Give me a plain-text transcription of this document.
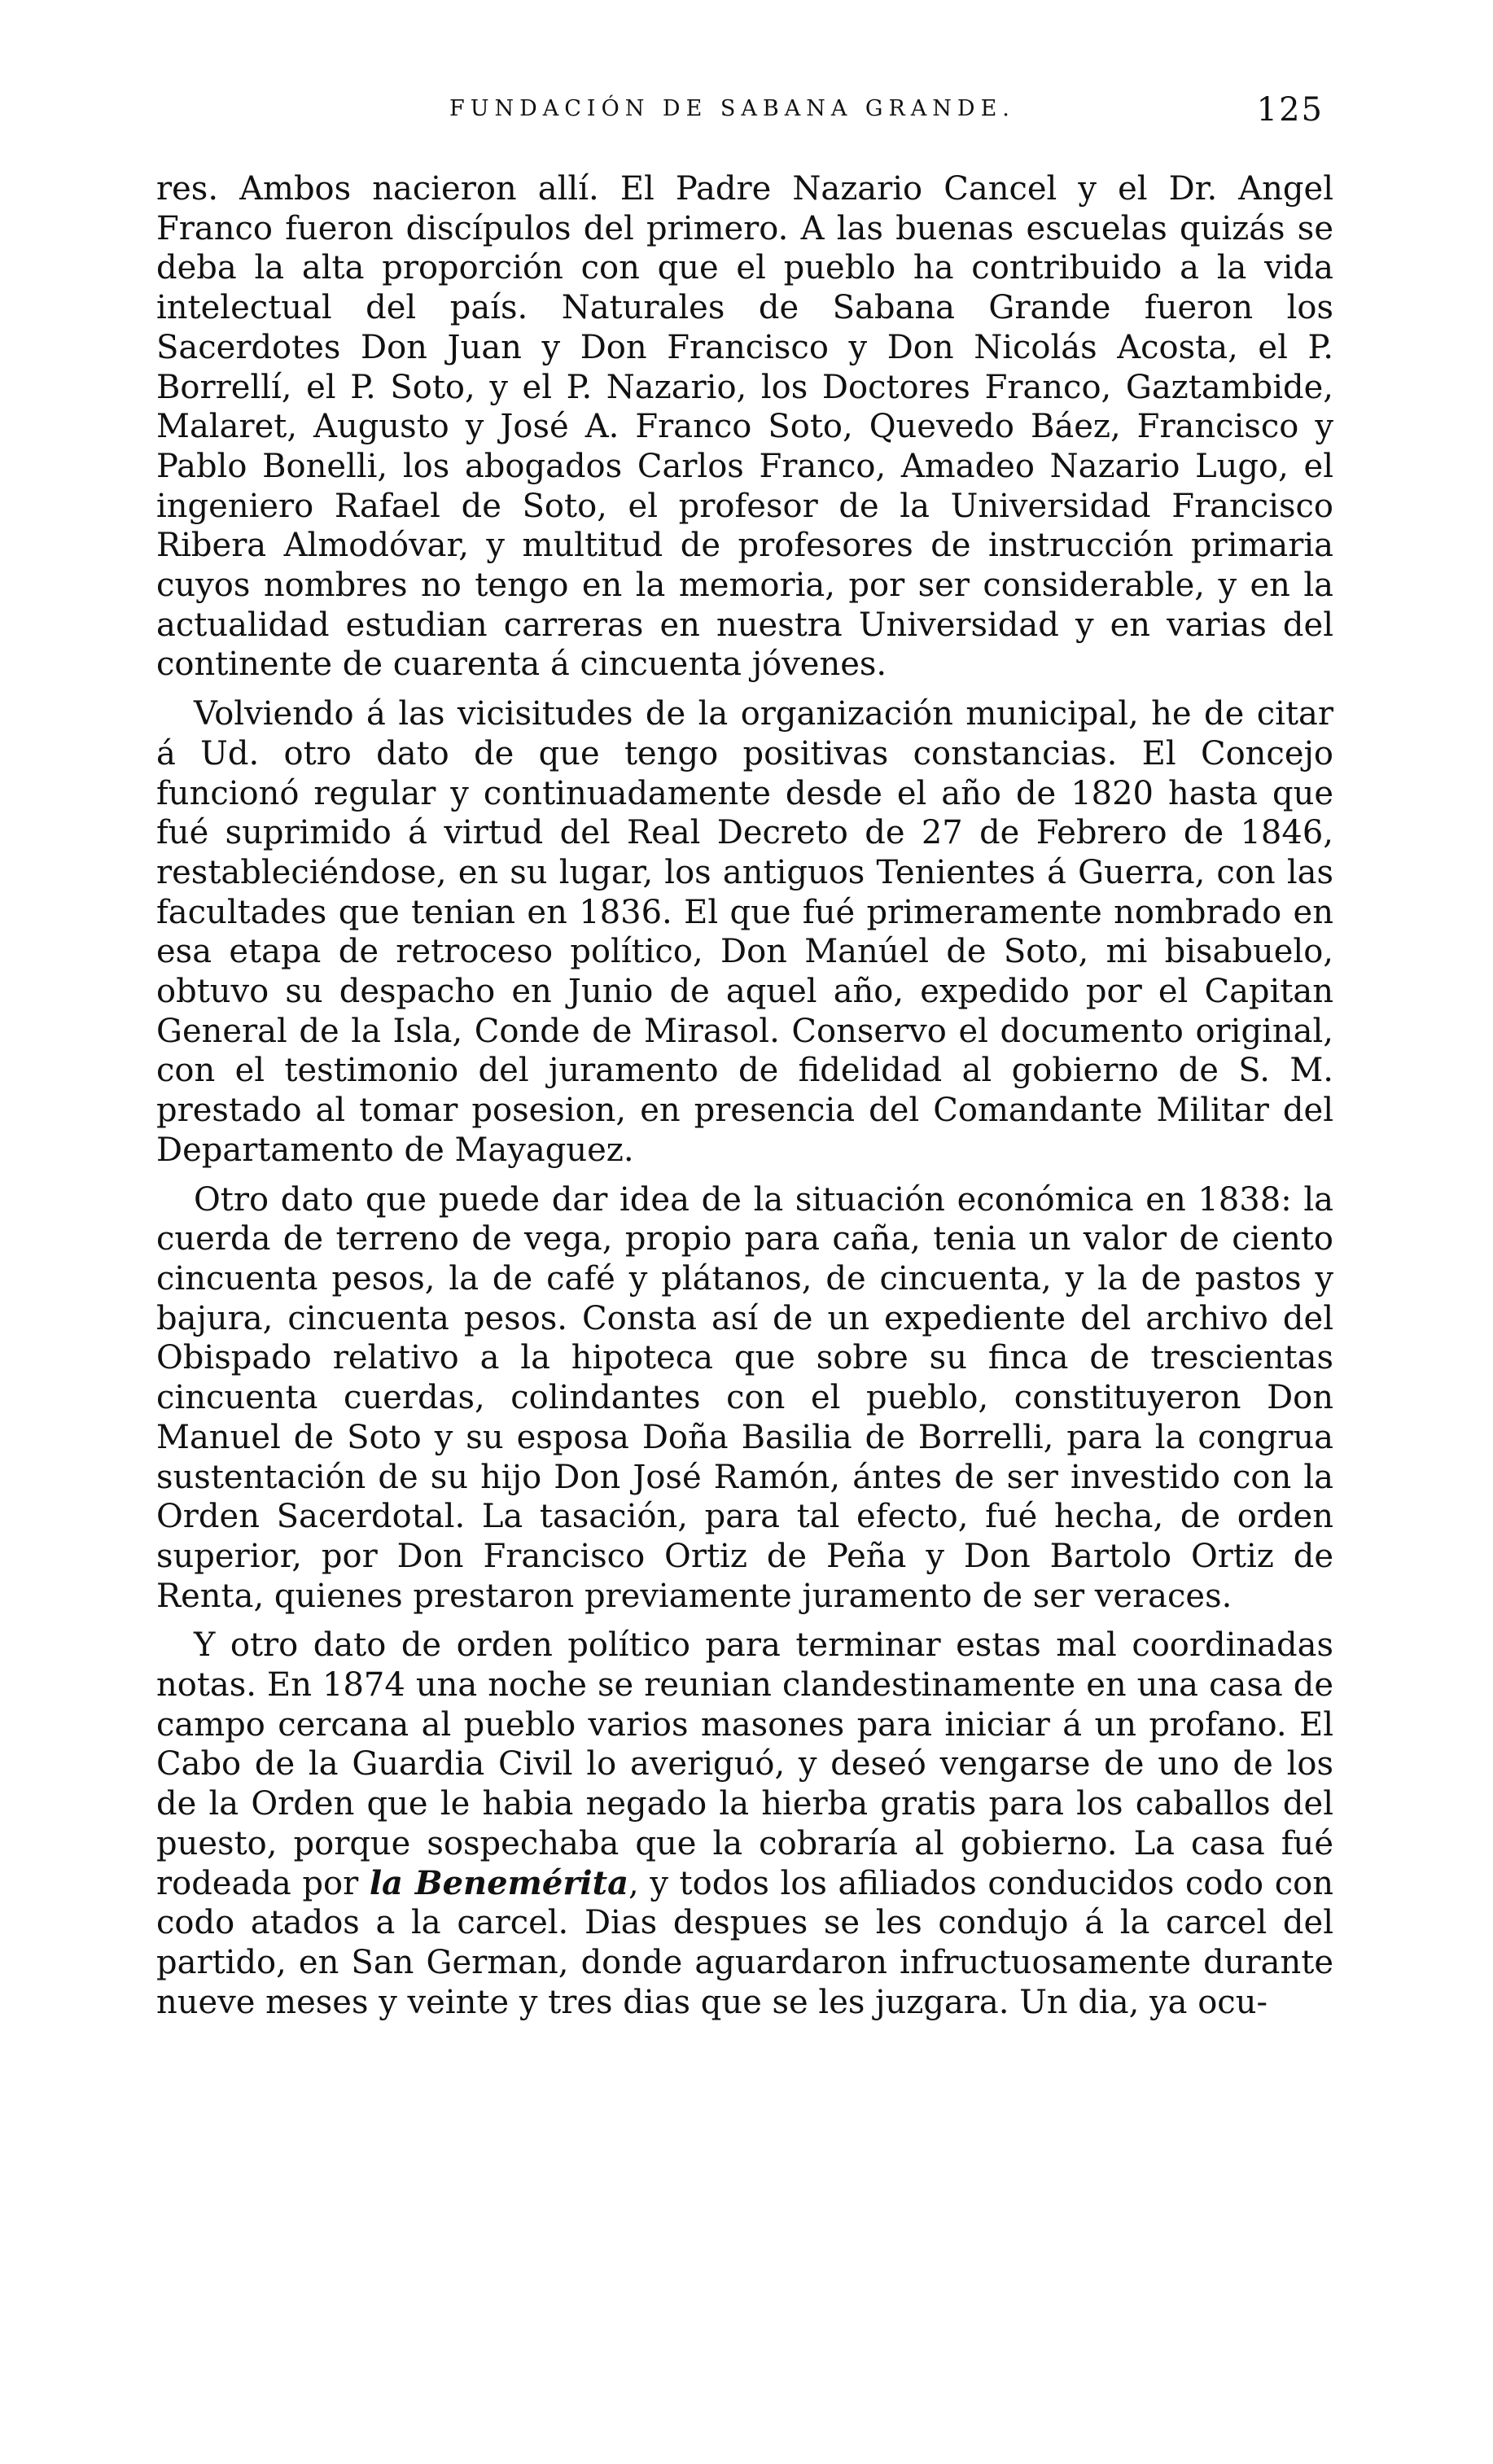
FUNDACIÓN DE SABANA GRANDE.	125

res. Ambos nacieron allí. El Padre Nazario Cancel y el Dr. Angel Franco fueron discípulos del primero. A las buenas escuelas quizás se deba la alta proporción con que el pueblo ha contribuido a la vida intelectual del país. Naturales de Sabana Grande fueron los Sacerdotes Don Juan y Don Francisco y Don Nicolás Acosta, el P. Borrellí, el P. Soto, y el P. Nazario, los Doctores Franco, Gaztambide, Malaret, Augusto y José A. Franco Soto, Quevedo Báez, Francisco y Pablo Bonelli, los abogados Carlos Franco, Amadeo Nazario Lugo, el ingeniero Rafael de Soto, el profesor de la Universidad Francisco Ribera Almodóvar, y multitud de profesores de instrucción primaria cuyos nombres no tengo en la memoria, por ser considerable, y en la actualidad estudian carreras en nuestra Universidad y en varias del continente de cuarenta á cincuenta jóvenes.

Volviendo á las vicisitudes de la organización municipal, he de citar á Ud. otro dato de que tengo positivas constancias. El Concejo funcionó regular y continuadamente desde el año de 1820 hasta que fué suprimido á virtud del Real Decreto de 27 de Febrero de 1846, restableciéndose, en su lugar, los antiguos Tenientes á Guerra, con las facultades que tenian en 1836. El que fué primeramente nombrado en esa etapa de retroceso político, Don Manúel de Soto, mi bisabuelo, obtuvo su despacho en Junio de aquel año, expedido por el Capitan General de la Isla, Conde de Mirasol. Conservo el documento original, con el testimonio del juramento de fidelidad al gobierno de S. M. prestado al tomar posesion, en presencia del Comandante Militar del Departamento de Mayaguez.

Otro dato que puede dar idea de la situación económica en 1838: la cuerda de terreno de vega, propio para caña, tenia un valor de ciento cincuenta pesos, la de café y plátanos, de cincuenta, y la de pastos y bajura, cincuenta pesos. Consta así de un expediente del archivo del Obispado relativo a la hipoteca que sobre su finca de trescientas cincuenta cuerdas, colindantes con el pueblo, constituyeron Don Manuel de Soto y su esposa Doña Basilia de Borrelli, para la congrua sustentación de su hijo Don José Ramón, ántes de ser investido con la Orden Sacerdotal. La tasación, para tal efecto, fué hecha, de orden superior, por Don Francisco Ortiz de Peña y Don Bartolo Ortiz de Renta, quienes prestaron previamente juramento de ser veraces.

Y otro dato de orden político para terminar estas mal coordinadas notas. En 1874 una noche se reunian clandestinamente en una casa de campo cercana al pueblo varios masones para iniciar á un profano. El Cabo de la Guardia Civil lo averiguó, y deseó vengarse de uno de los de la Orden que le habia negado la hierba gratis para los caballos del puesto, porque sospechaba que la cobraría al gobierno. La casa fué rodeada por la Benemérita, y todos los afiliados conducidos codo con codo atados a la carcel. Dias despues se les condujo á la carcel del partido, en San German, donde aguardaron infructuosamente durante nueve meses y veinte y tres dias que se les juzgara. Un dia, ya ocu-
